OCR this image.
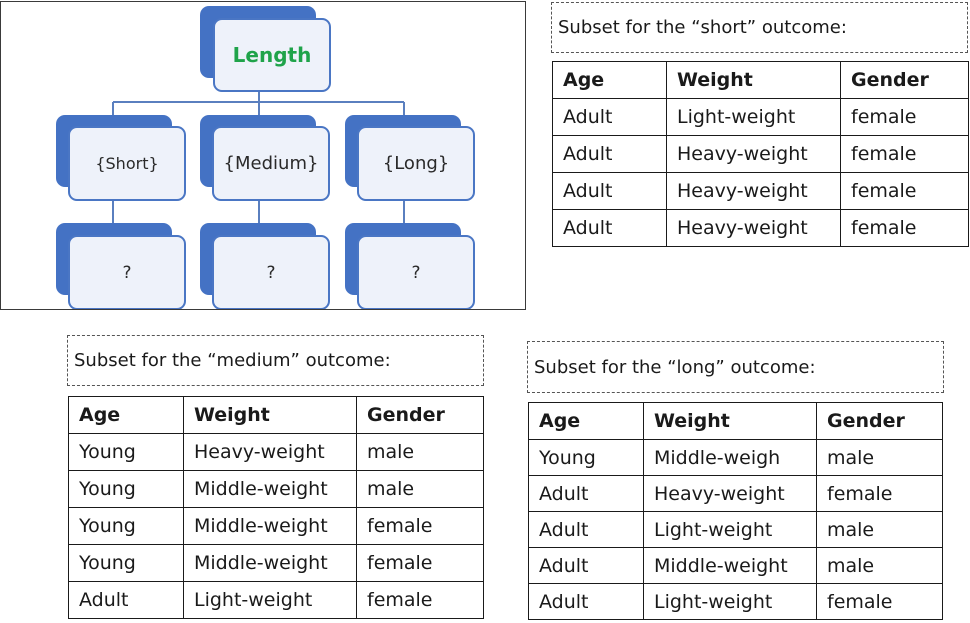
Length
{Short}	{Medium}	{Long}
?	?	?
Subset for the “short” outcome:
Age	Weight	Gender
Adult	Light-weight	female
Adult	Heavy-weight	female
Adult	Heavy-weight	female
Adult	Heavy-weight	female
Subset for the “medium” outcome:
Age	Weight	Gender
Young	Heavy-weight	male
Young	Middle-weight	male
Young	Middle-weight	female
Young	Middle-weight	female
Adult	Light-weight	female
Subset for the “long” outcome:
Age	Weight	Gender
Young	Middle-weigh	male
Adult	Heavy-weight	female
Adult	Light-weight	male
Adult	Middle-weight	male
Adult	Light-weight	female
